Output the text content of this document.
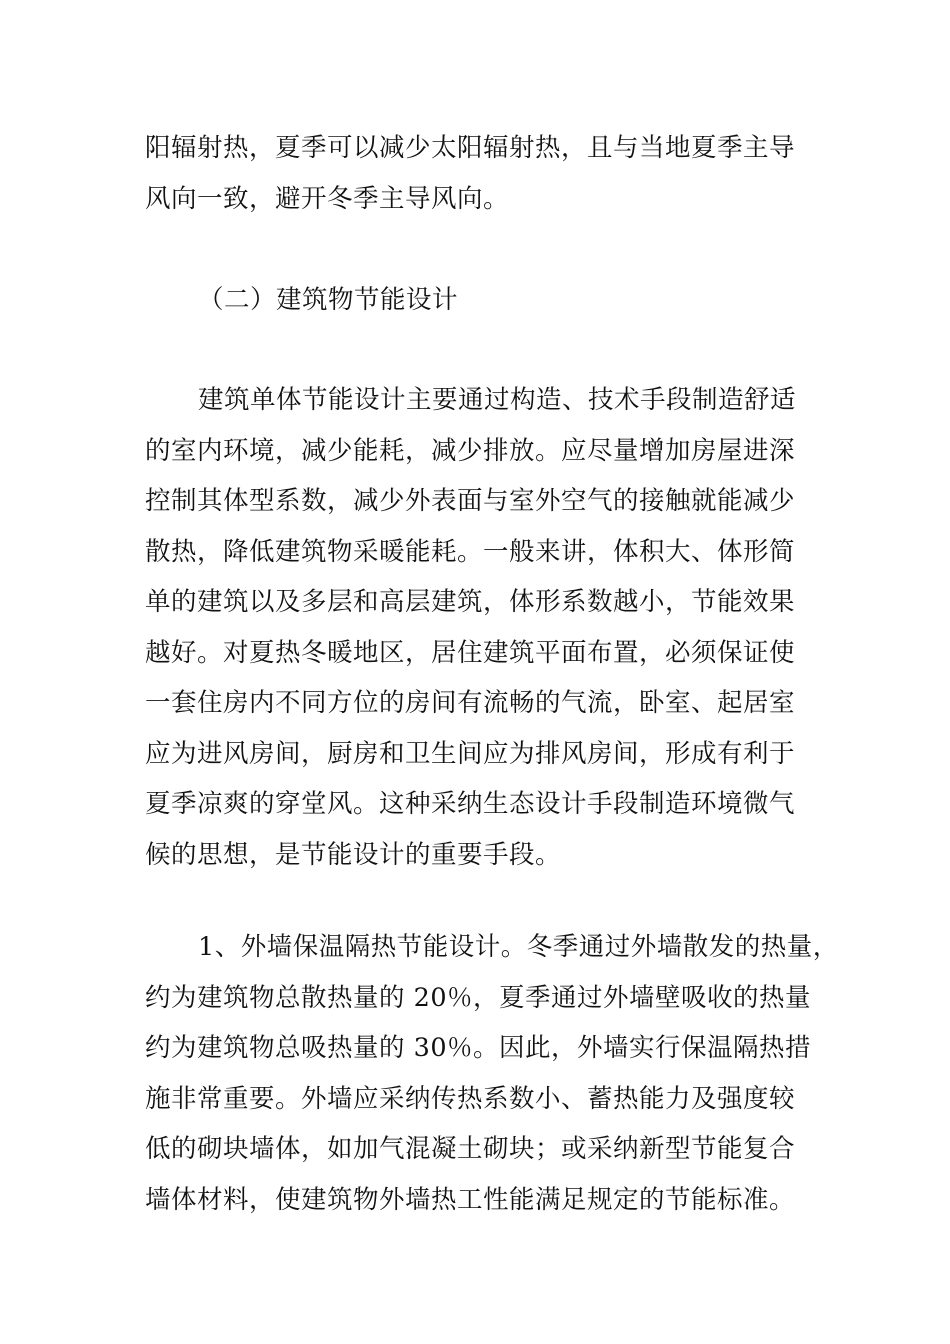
阳辐射热，夏季可以减少太阳辐射热，且与当地夏季主导
风向一致，避开冬季主导风向。
（二）建筑物节能设计
建筑单体节能设计主要通过构造、技术手段制造舒适
的室内环境，减少能耗，减少排放。应尽量增加房屋进深
控制其体型系数，减少外表面与室外空气的接触就能减少
散热，降低建筑物采暖能耗。一般来讲，体积大、体形简
单的建筑以及多层和高层建筑，体形系数越小，节能效果
越好。对夏热冬暖地区，居住建筑平面布置，必须保证使
一套住房内不同方位的房间有流畅的气流，卧室、起居室
应为进风房间，厨房和卫生间应为排风房间，形成有利于
夏季凉爽的穿堂风。这种采纳生态设计手段制造环境微气
候的思想，是节能设计的重要手段。
1、外墙保温隔热节能设计。冬季通过外墙散发的热量，
约为建筑物总散热量的 20％，夏季通过外墙壁吸收的热量
约为建筑物总吸热量的 30％。因此，外墙实行保温隔热措
施非常重要。外墙应采纳传热系数小、蓄热能力及强度较
低的砌块墙体，如加气混凝土砌块；或采纳新型节能复合
墙体材料，使建筑物外墙热工性能满足规定的节能标准。
